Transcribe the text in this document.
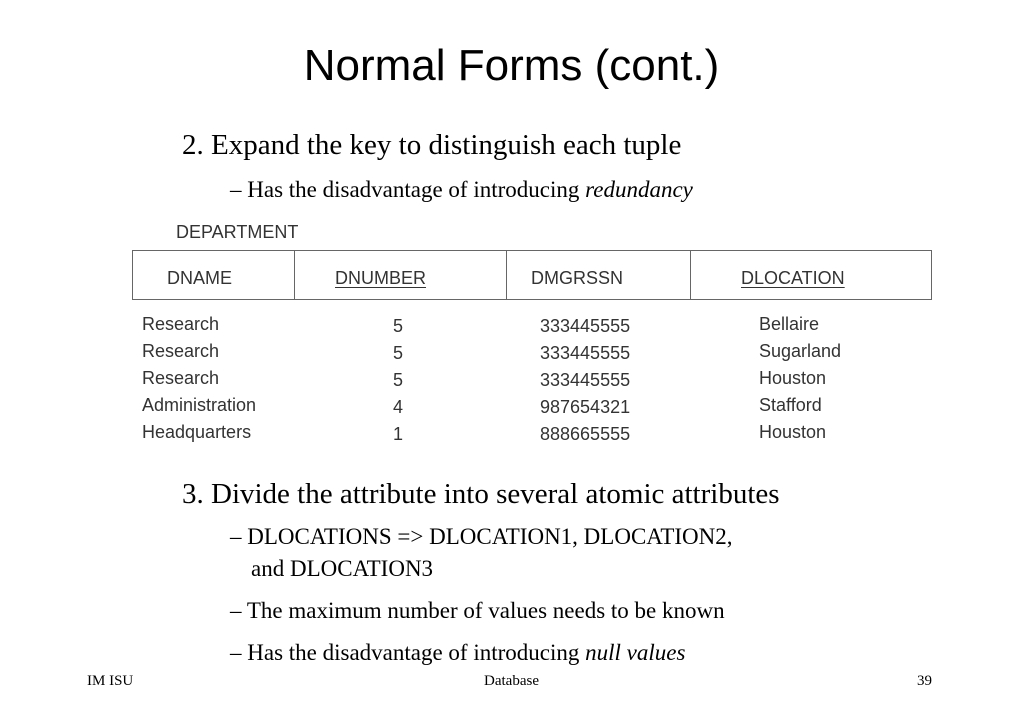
Normal Forms (cont.)
2. Expand the key to distinguish each tuple
– Has the disadvantage of introducing redundancy
DEPARTMENT
DNAME	DNUMBER	DMGRSSN	DLOCATION
Research	5	333445555	Bellaire
Research	5	333445555	Sugarland
Research	5	333445555	Houston
Administration	4	987654321	Stafford
Headquarters	1	888665555	Houston
3. Divide the attribute into several atomic attributes
– DLOCATIONS => DLOCATION1, DLOCATION2,
and DLOCATION3
– The maximum number of values needs to be known
– Has the disadvantage of introducing null values
IM ISU	Database	39
